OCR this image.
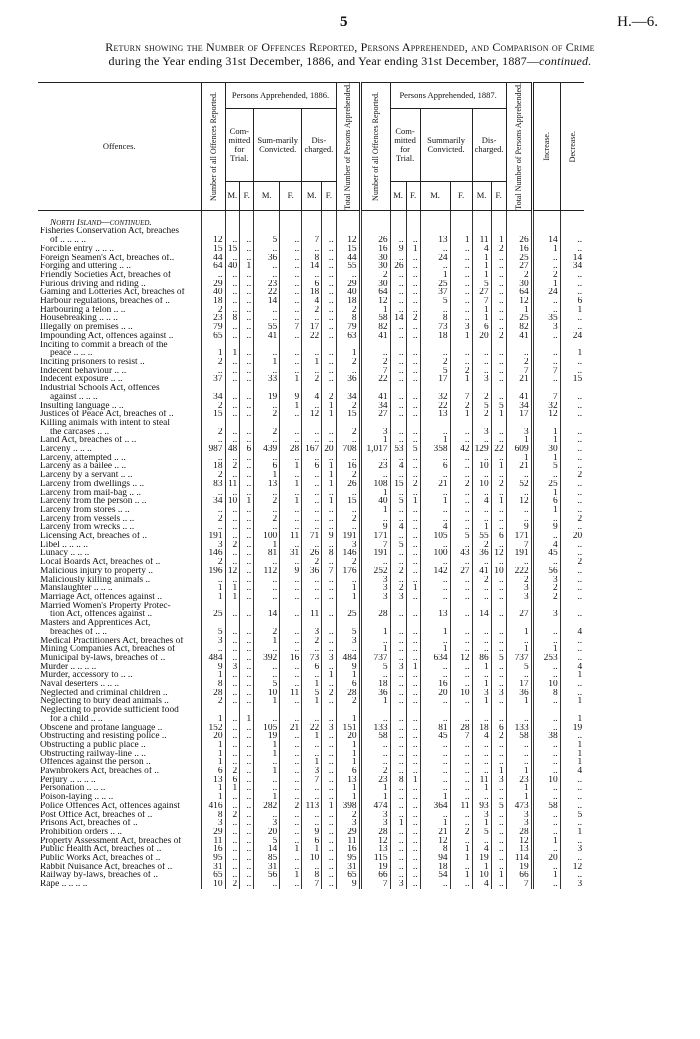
5	H.—6.
Return showing the Number of Offences Reported, Persons Apprehended, and Comparison of Crime
during the Year ending 31st December, 1886, and Year ending 31st December, 1887—continued.
Offences.	Number of all Offences Reported.	Persons Apprehended, 1886.						Total Number of Persons Apprehended.	Number of all Offences Reported.	Persons Apprehended, 1887.						Total Number of Persons Apprehended.	Increase.	Decrease.

		Com-mitted for Trial.		Sum-marily Convicted.		Dis-charged.				Com-mitted for Trial.		Summarily Convicted.		Dis-charged.				
		M.	F.	M.	F.	M.	F.			M.	F.	M.	F.	M.	F.			

North Island—continued.																		
Fisheries Conservation Act, breaches																		
of .. .. .. ..	12	..	..	5	..	7	..	12	26	..	..	13	1	11	1	26	14	..
Forcible entry .. .. ..	15	15	..	..	..	..	..	15	16	9	1	..	..	4	2	16	1	..
Foreign Seamen's Act, breaches of..	44	..	..	36	..	8	..	44	30	..	..	24	..	1	..	25	..	14
Forging and uttering .. ..	64	40	1	..	..	14	..	55	30	26	..	..	..	1	..	27	..	34
Friendly Societies Act, breaches of	..	..	..	..	..	..	..	..	2	..	..	1	..	1	..	2	2	..
Furious driving and riding ..	29	..	..	23	..	6	..	29	30	..	..	25	..	5	..	30	1	..
Gaming and Lotteries Act, breaches of	40	..	..	22	..	18	..	40	64	..	..	37	..	27	..	64	24	..
Harbour regulations, breaches of ..	18	..	..	14	..	4	..	18	12	..	..	5	..	7	..	12	..	6
Harbouring a felon .. ..	2	..	..	..	..	2	..	2	1	..	..	..	..	1	..	1	..	1
Housebreaking .. .. ..	23	8	..	..	..	..	..	8	58	14	2	8	..	1	..	25	35	..
Illegally on premises .. ..	79	..	..	55	7	17	..	79	82	..	..	73	3	6	..	82	3	..
Impounding Act, offences against ..	65	..	..	41	..	22	..	63	41	..	..	18	1	20	2	41	..	24
Inciting to commit a breach of the																		
peace .. .. ..	1	1	..	..	..	..	..	1	..	..	..	..	..	..	..	..	..	1
Inciting prisoners to resist ..	2	..	..	1	..	1	..	2	2	..	..	2	..	..	..	2	..	..
Indecent behaviour .. ..	..	..	..	..	..	..	..	..	7	..	..	5	2	..	..	7	7	..
Indecent exposure .. ..	37	..	..	33	1	2	..	36	22	..	..	17	1	3	..	21	..	15
Industrial Schools Act, offences																		
against .. .. ..	34	..	..	19	9	4	2	34	41	..	..	32	7	2	..	41	7	..
Insulting language .. ..	2	..	..	..	1	..	1	2	34	..	..	22	2	5	5	34	32	..
Justices of Peace Act, breaches of ..	15	..	..	2	..	12	1	15	27	..	..	13	1	2	1	17	12	..
Killing animals with intent to steal																		
the carcases .. ..	2	..	..	2	..	..	..	2	3	..	..	..	..	3	..	3	1	..
Land Act, breaches of .. ..	..	..	..	..	..	..	..	..	1	..	..	1	..	..	..	1	1	..
Larceny .. .. ..	987	48	6	439	28	167	20	708	1,017	53	5	358	42	129	22	609	30	..
Larceny, attempted .. ..	..	..	..	..	..	..	..	..	..	..	..	..	..	..	..	1	1	..
Larceny as a bailee .. ..	18	2	..	6	1	6	1	16	23	4	..	6	..	10	1	21	5	..
Larceny by a servant .. ..	2	..	..	1	..	..	1	2	..	..	..	..	..	..	..	..	..	2
Larceny from dwellings .. ..	83	11	..	13	1	..	1	26	108	15	2	21	2	10	2	52	25	..
Larceny from mail-bag .. ..	..	..	..	..	..	..	..	..	1	..	..	..	..	..	..	..	1	..
Larceny from the person .. ..	34	10	1	2	1	..	1	15	40	5	1	1	..	4	1	12	6	..
Larceny from stores .. ..	..	..	..	..	..	..	..	..	1	..	..	..	..	..	..	..	1	..
Larceny from vessels .. ..	2	..	..	2	..	..	..	2	..	..	..	..	..	..	..	..	..	2
Larceny from wrecks .. ..	..	..	..	..	..	..	..	..	9	4	..	4	..	1	..	9	9	..
Licensing Act, breaches of ..	191	..	..	100	11	71	9	191	171	..	..	105	5	55	6	171	..	20
Libel .. .. .. ..	3	2	..	1	..	..	..	3	7	5	..	..	..	2	..	7	4	..
Lunacy .. .. ..	146	..	..	81	31	26	8	146	191	..	..	100	43	36	12	191	45	..
Local Boards Act, breaches of ..	2	..	..	..	..	2	..	2	..	..	..	..	..	..	..	..	..	2
Malicious injury to property ..	196	12	..	112	9	36	7	176	252	2	..	142	27	41	10	222	56	..
Maliciously killing animals ..	..	..	..	..	..	..	..	..	3	..	..	..	..	2	..	2	3	..
Manslaughter .. .. ..	1	1	..	..	..	..	..	1	3	2	1	..	..	..	..	3	2	..
Marriage Act, offences against ..	1	1	..	..	..	..	..	1	3	3	..	..	..	..	..	3	2	..
Married Women's Property Protec-																		
tion Act, offences against ..	25	..	..	14	..	11	..	25	28	..	..	13	..	14	..	27	3	..
Masters and Apprentices Act,																		
breaches of .. ..	5	..	..	2	..	3	..	5	1	..	..	1	..	..	..	1	..	4
Medical Practitioners Act, breaches of	3	..	..	1	..	2	..	3	..	..	..	..	..	..	..	..	..	..
Mining Companies Act, breaches of	..	..	..	..	..	..	..	..	1	..	..	1	..	..	..	1	1	..
Municipal by-laws, breaches of ..	484	..	..	392	16	73	3	484	737	..	..	634	12	86	5	737	253	..
Murder .. .. .. ..	9	3	..	..	..	6	..	9	5	3	1	..	..	1	..	5	..	4
Murder, accessory to .. ..	1	..	..	..	..	..	1	1	..	..	..	..	..	..	..	..	..	1
Naval deserters .. .. ..	8	..	..	5	..	1	..	6	18	..	..	16	..	1	..	17	10	..
Neglected and criminal children ..	28	..	..	10	11	5	2	28	36	..	..	20	10	3	3	36	8	..
Neglecting to bury dead animals ..	2	..	..	1	..	1	..	2	1	..	..	..	..	1	..	1	..	1
Neglecting to provide sufficient food																		
for a child .. ..	1	..	1	..	..	..	..	1	..	..	..	..	..	..	..	..	..	1
Obscene and profane language ..	152	..	..	105	21	22	3	151	133	..	..	81	28	18	6	133	..	19
Obstructing and resisting police ..	20	..	..	19	..	1	..	20	58	..	..	45	7	4	2	58	38	..
Obstructing a public place ..	1	..	..	1	..	..	..	1	..	..	..	..	..	..	..	..	..	1
Obstructing railway-line .. ..	1	..	..	1	..	..	..	1	..	..	..	..	..	..	..	..	..	1
Offences against the person ..	1	..	..	..	..	1	..	1	..	..	..	..	..	..	..	..	..	1
Pawnbrokers Act, breaches of ..	6	2	..	1	..	3	..	6	2	..	..	..	..	..	1	1	..	4
Perjury .. .. .. ..	13	6	..	..	..	7	..	13	23	8	1	..	..	11	3	23	10	..
Personation .. .. ..	1	1	..	..	..	..	..	1	1	..	..	..	..	1	..	1	..	..
Poison-laying .. .. ..	1	..	..	1	..	..	..	1	1	..	..	1	..	..	..	1	..	..
Police Offences Act, offences against	416	..	..	282	2	113	1	398	474	..	..	364	11	93	5	473	58	..
Post Office Act, breaches of ..	8	2	..	..	..	..	..	2	3	..	..	..	..	3	..	3	..	5
Prisons Act, breaches of ..	3	..	..	3	..	..	..	3	3	1	..	1	..	1	..	3	..	..
Prohibition orders .. ..	29	..	..	20	..	9	..	29	28	..	..	21	2	5	..	28	..	1
Property Assessment Act, breaches of	11	..	..	5	..	6	..	11	12	..	..	12	..	..	..	12	1	..
Public Health Act, breaches of ..	16	..	..	14	1	1	..	16	13	..	..	8	1	4	..	13	..	3
Public Works Act, breaches of ..	95	..	..	85	..	10	..	95	115	..	..	94	1	19	..	114	20	..
Rabbit Nuisance Act, breaches of ..	31	..	..	31	..	..	..	31	19	..	..	18	..	1	..	19	..	12
Railway by-laws, breaches of ..	65	..	..	56	1	8	..	65	66	..	..	54	1	10	1	66	1	..
Rape .. .. .. ..	10	2	..	..	..	7	..	9	7	3	..	..	..	4	..	7	..	3
